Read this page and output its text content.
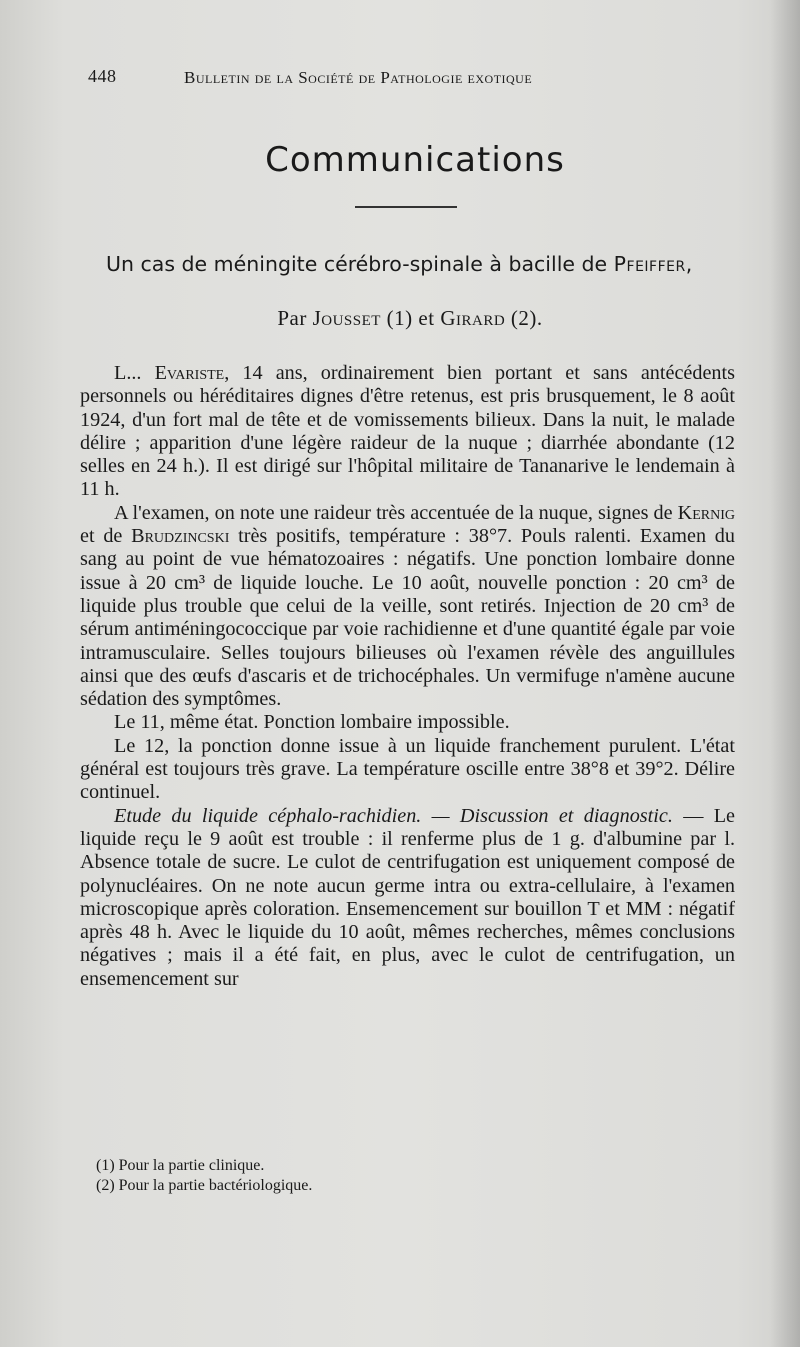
448	Bulletin de la Société de Pathologie exotique
Communications
Un cas de méningite cérébro-spinale à bacille de Pfeiffer,
Par Jousset (1) et Girard (2).

L... Evariste, 14 ans, ordinairement bien portant et sans antécédents personnels ou héréditaires dignes d'être retenus, est pris brusquement, le 8 août 1924, d'un fort mal de tête et de vomissements bilieux. Dans la nuit, le malade délire ; apparition d'une légère raideur de la nuque ; diarrhée abondante (12 selles en 24 h.). Il est dirigé sur l'hôpital militaire de Tananarive le lendemain à 11 h.

A l'examen, on note une raideur très accentuée de la nuque, signes de Kernig et de Brudzincski très positifs, température : 38°7. Pouls ralenti. Examen du sang au point de vue hématozoaires : négatifs. Une ponction lombaire donne issue à 20 cm³ de liquide louche. Le 10 août, nouvelle ponction : 20 cm³ de liquide plus trouble que celui de la veille, sont retirés. Injection de 20 cm³ de sérum antiméningococcique par voie rachidienne et d'une quantité égale par voie intramusculaire. Selles toujours bilieuses où l'examen révèle des anguillules ainsi que des œufs d'ascaris et de trichocéphales. Un vermifuge n'amène aucune sédation des symptômes.

Le 11, même état. Ponction lombaire impossible.

Le 12, la ponction donne issue à un liquide franchement purulent. L'état général est toujours très grave. La température oscille entre 38°8 et 39°2. Délire continuel.

Etude du liquide céphalo-rachidien. — Discussion et diagnostic. — Le liquide reçu le 9 août est trouble : il renferme plus de 1 g. d'albumine par l. Absence totale de sucre. Le culot de centrifugation est uniquement composé de polynucléaires. On ne note aucun germe intra ou extra-cellulaire, à l'examen microscopique après coloration. Ensemencement sur bouillon T et MM : négatif après 48 h. Avec le liquide du 10 août, mêmes recherches, mêmes conclusions négatives ; mais il a été fait, en plus, avec le culot de centrifugation, un ensemencement sur

(1) Pour la partie clinique.
(2) Pour la partie bactériologique.
